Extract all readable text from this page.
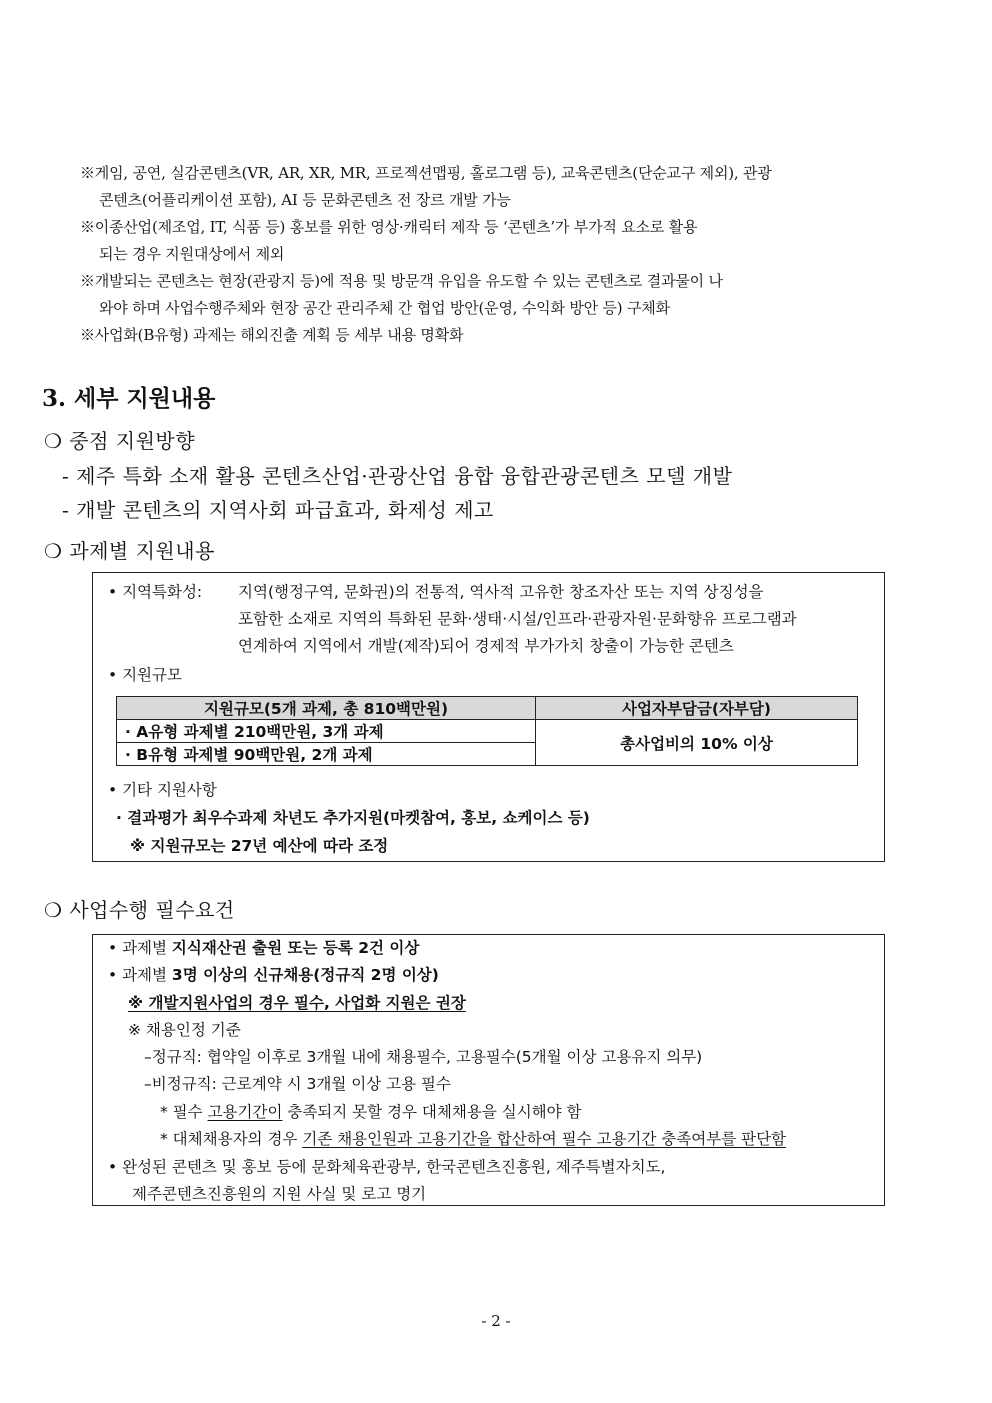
※게임, 공연, 실감콘텐츠(VR, AR, XR, MR, 프로젝션맵핑, 홀로그램 등), 교육콘텐츠(단순교구 제외), 관광
콘텐츠(어플리케이션 포함), AI 등 문화콘텐츠 전 장르 개발 가능
※이종산업(제조업, IT, 식품 등) 홍보를 위한 영상·캐릭터 제작 등 ‘콘텐츠’가 부가적 요소로 활용
되는 경우 지원대상에서 제외
※개발되는 콘텐츠는 현장(관광지 등)에 적용 및 방문객 유입을 유도할 수 있는 콘텐츠로 결과물이 나
와야 하며 사업수행주체와 현장 공간 관리주체 간 협업 방안(운영, 수익화 방안 등) 구체화
※사업화(B유형) 과제는 해외진출 계획 등 세부 내용 명확화
3. 세부 지원내용
❍ 중점 지원방향
- 제주 특화 소재 활용 콘텐츠산업·관광산업 융합 융합관광콘텐츠 모델 개발
- 개발 콘텐츠의 지역사회 파급효과, 화제성 제고
❍ 과제별 지원내용
• 지역특화성: 지역(행정구역, 문화권)의 전통적, 역사적 고유한 창조자산 또는 지역 상징성을
포함한 소재로 지역의 특화된 문화·생태·시설/인프라·관광자원·문화향유 프로그램과
연계하여 지역에서 개발(제작)되어 경제적 부가가치 창출이 가능한 콘텐츠
• 지원규모
지원규모(5개 과제, 총 810백만원)	사업자부담금(자부담)
· A유형 과제별 210백만원, 3개 과제	총사업비의 10% 이상
· B유형 과제별 90백만원, 2개 과제	
• 기타 지원사항
· 결과평가 최우수과제 차년도 추가지원(마켓참여, 홍보, 쇼케이스 등)
※ 지원규모는 27년 예산에 따라 조정
❍ 사업수행 필수요건
• 과제별 지식재산권 출원 또는 등록 2건 이상
• 과제별 3명 이상의 신규채용(정규직 2명 이상)
※ 개발지원사업의 경우 필수, 사업화 지원은 권장
※ 채용인정 기준
–정규직: 협약일 이후로 3개월 내에 채용필수, 고용필수(5개월 이상 고용유지 의무)
–비정규직: 근로계약 시 3개월 이상 고용 필수
* 필수 고용기간이 충족되지 못할 경우 대체채용을 실시해야 함
* 대체채용자의 경우 기존 채용인원과 고용기간을 합산하여 필수 고용기간 충족여부를 판단함
• 완성된 콘텐츠 및 홍보 등에 문화체육관광부, 한국콘텐츠진흥원, 제주특별자치도,
제주콘텐츠진흥원의 지원 사실 및 로고 명기
- 2 -
